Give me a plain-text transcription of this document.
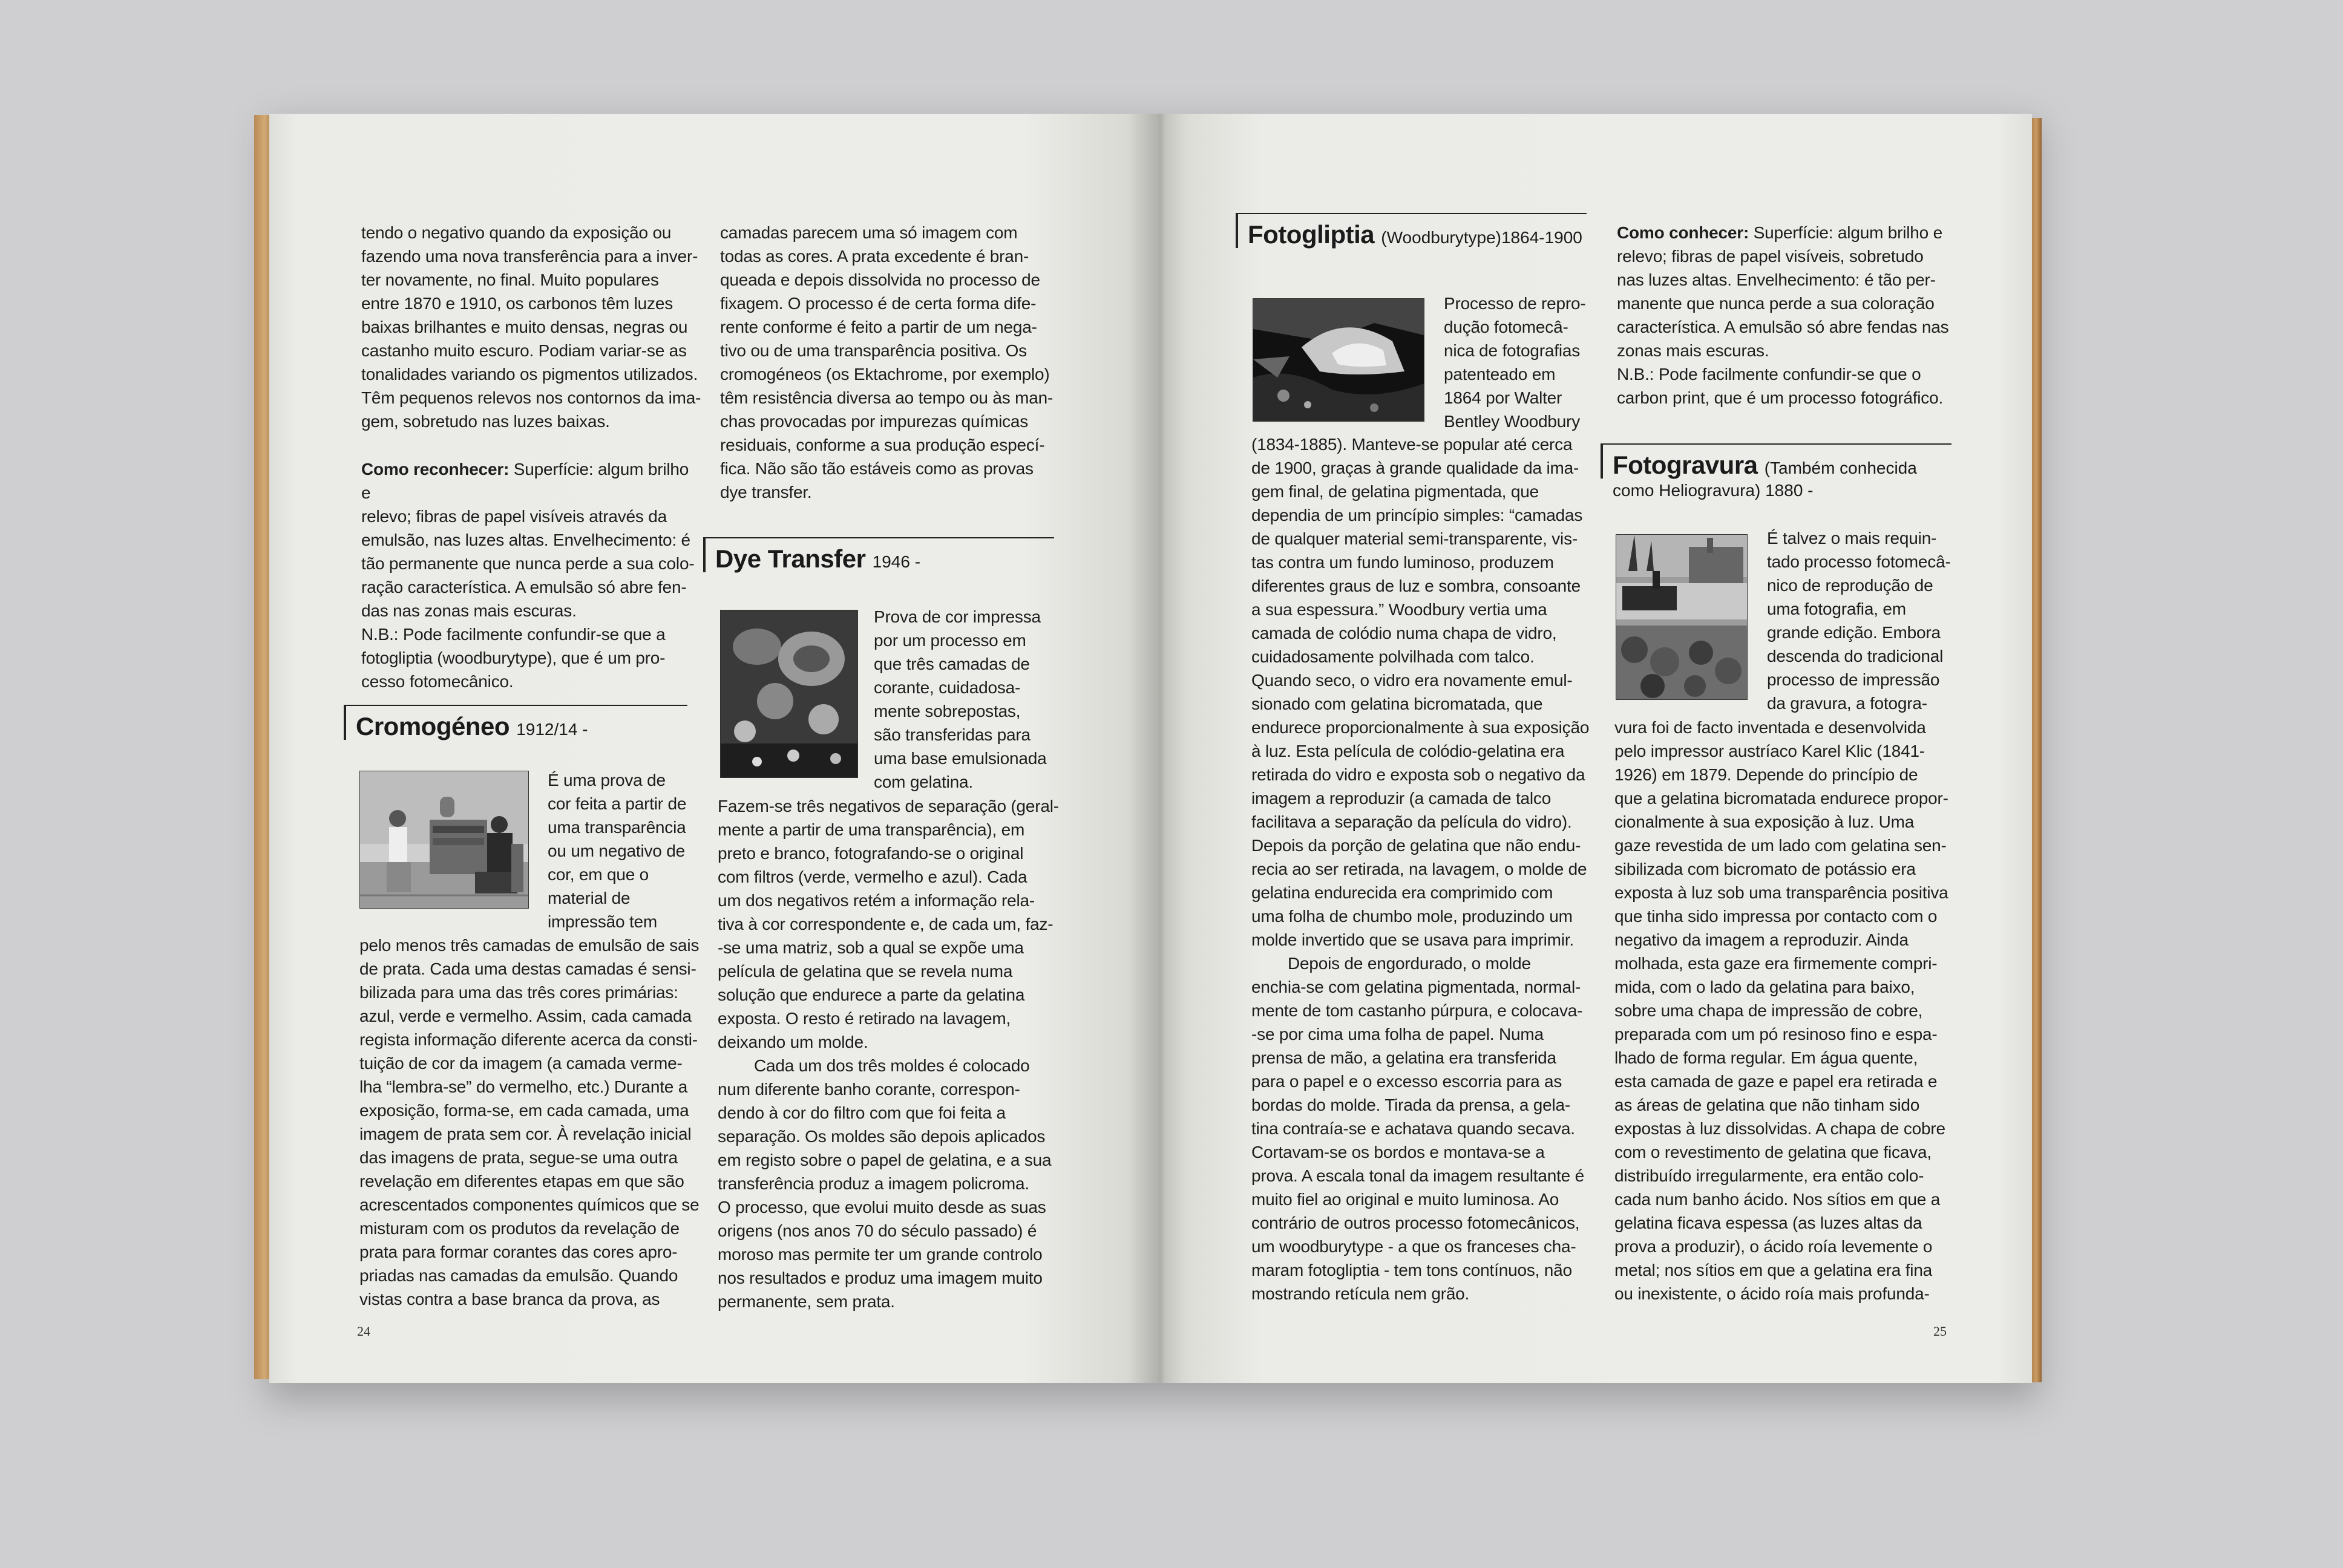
tendo o negativo quando da exposição ou
fazendo uma nova transferência para a inver-
ter novamente, no final. Muito populares
entre 1870 e 1910, os carbonos têm luzes
baixas brilhantes e muito densas, negras ou
castanho muito escuro. Podiam variar-se as
tonalidades variando os pigmentos utilizados.
Têm pequenos relevos nos contornos da ima-
gem, sobretudo nas luzes baixas.
Como reconhecer: Superfície: algum brilho e
relevo; fibras de papel visíveis através da
emulsão, nas luzes altas. Envelhecimento: é
tão permanente que nunca perde a sua colo-
ração característica. A emulsão só abre fen-
das nas zonas mais escuras.
N.B.: Pode facilmente confundir-se que a
fotogliptia (woodburytype), que é um pro-
cesso fotomecânico.
Cromogéneo 1912/14 -
É uma prova de
cor feita a partir de
uma transparência
ou um negativo de
cor, em que o
material de
impressão tem
pelo menos três camadas de emulsão de sais
de prata. Cada uma destas camadas é sensi-
bilizada para uma das três cores primárias:
azul, verde e vermelho. Assim, cada camada
regista informação diferente acerca da consti-
tuição de cor da imagem (a camada verme-
lha “lembra-se” do vermelho, etc.) Durante a
exposição, forma-se, em cada camada, uma
imagem de prata sem cor. À revelação inicial
das imagens de prata, segue-se uma outra
revelação em diferentes etapas em que são
acrescentados componentes químicos que se
misturam com os produtos da revelação de
prata para formar corantes das cores apro-
priadas nas camadas da emulsão. Quando
vistas contra a base branca da prova, as
camadas parecem uma só imagem com
todas as cores. A prata excedente é bran-
queada e depois dissolvida no processo de
fixagem. O processo é de certa forma dife-
rente conforme é feito a partir de um nega-
tivo ou de uma transparência positiva. Os
cromogéneos (os Ektachrome, por exemplo)
têm resistência diversa ao tempo ou às man-
chas provocadas por impurezas químicas
residuais, conforme a sua produção especí-
fica. Não são tão estáveis como as provas
dye transfer.
Dye Transfer 1946 -
Prova de cor impressa
por um processo em
que três camadas de
corante, cuidadosa-
mente sobrepostas,
são transferidas para
uma base emulsionada
com gelatina.
Fazem-se três negativos de separação (geral-
mente a partir de uma transparência), em
preto e branco, fotografando-se o original
com filtros (verde, vermelho e azul). Cada
um dos negativos retém a informação rela-
tiva à cor correspondente e, de cada um, faz-
-se uma matriz, sob a qual se expõe uma
película de gelatina que se revela numa
solução que endurece a parte da gelatina
exposta. O resto é retirado na lavagem,
deixando um molde.
Cada um dos três moldes é colocado
num diferente banho corante, correspon-
dendo à cor do filtro com que foi feita a
separação. Os moldes são depois aplicados
em registo sobre o papel de gelatina, e a sua
transferência produz a imagem policroma.
O processo, que evolui muito desde as suas
origens (nos anos 70 do século passado) é
moroso mas permite ter um grande controlo
nos resultados e produz uma imagem muito
permanente, sem prata.
24
Fotogliptia (Woodburytype)1864-1900
Processo de repro-
dução fotomecâ-
nica de fotografias
patenteado em
1864 por Walter
Bentley Woodbury
(1834-1885). Manteve-se popular até cerca
de 1900, graças à grande qualidade da ima-
gem final, de gelatina pigmentada, que
dependia de um princípio simples: “camadas
de qualquer material semi-transparente, vis-
tas contra um fundo luminoso, produzem
diferentes graus de luz e sombra, consoante
a sua espessura.” Woodbury vertia uma
camada de colódio numa chapa de vidro,
cuidadosamente polvilhada com talco.
Quando seco, o vidro era novamente emul-
sionado com gelatina bicromatada, que
endurece proporcionalmente à sua exposição
à luz. Esta película de colódio-gelatina era
retirada do vidro e exposta sob o negativo da
imagem a reproduzir (a camada de talco
facilitava a separação da película do vidro).
Depois da porção de gelatina que não endu-
recia ao ser retirada, na lavagem, o molde de
gelatina endurecida era comprimido com
uma folha de chumbo mole, produzindo um
molde invertido que se usava para imprimir.
Depois de engordurado, o molde
enchia-se com gelatina pigmentada, normal-
mente de tom castanho púrpura, e colocava-
-se por cima uma folha de papel. Numa
prensa de mão, a gelatina era transferida
para o papel e o excesso escorria para as
bordas do molde. Tirada da prensa, a gela-
tina contraía-se e achatava quando secava.
Cortavam-se os bordos e montava-se a
prova. A escala tonal da imagem resultante é
muito fiel ao original e muito luminosa. Ao
contrário de outros processo fotomecânicos,
um woodburytype - a que os franceses cha-
maram fotogliptia - tem tons contínuos, não
mostrando retícula nem grão.
Como conhecer: Superfície: algum brilho e
relevo; fibras de papel visíveis, sobretudo
nas luzes altas. Envelhecimento: é tão per-
manente que nunca perde a sua coloração
característica. A emulsão só abre fendas nas
zonas mais escuras.
N.B.: Pode facilmente confundir-se que o
carbon print, que é um processo fotográfico.
Fotogravura (Também conhecida
como Heliogravura) 1880 -
É talvez o mais requin-
tado processo fotomecâ-
nico de reprodução de
uma fotografia, em
grande edição. Embora
descenda do tradicional
processo de impressão
da gravura, a fotogra-
vura foi de facto inventada e desenvolvida
pelo impressor austríaco Karel Klic (1841-
1926) em 1879. Depende do princípio de
que a gelatina bicromatada endurece propor-
cionalmente à sua exposição à luz. Uma
gaze revestida de um lado com gelatina sen-
sibilizada com bicromato de potássio era
exposta à luz sob uma transparência positiva
que tinha sido impressa por contacto com o
negativo da imagem a reproduzir. Ainda
molhada, esta gaze era firmemente compri-
mida, com o lado da gelatina para baixo,
sobre uma chapa de impressão de cobre,
preparada com um pó resinoso fino e espa-
lhado de forma regular. Em água quente,
esta camada de gaze e papel era retirada e
as áreas de gelatina que não tinham sido
expostas à luz dissolvidas. A chapa de cobre
com o revestimento de gelatina que ficava,
distribuído irregularmente, era então colo-
cada num banho ácido. Nos sítios em que a
gelatina ficava espessa (as luzes altas da
prova a produzir), o ácido roía levemente o
metal; nos sítios em que a gelatina era fina
ou inexistente, o ácido roía mais profunda-
25
